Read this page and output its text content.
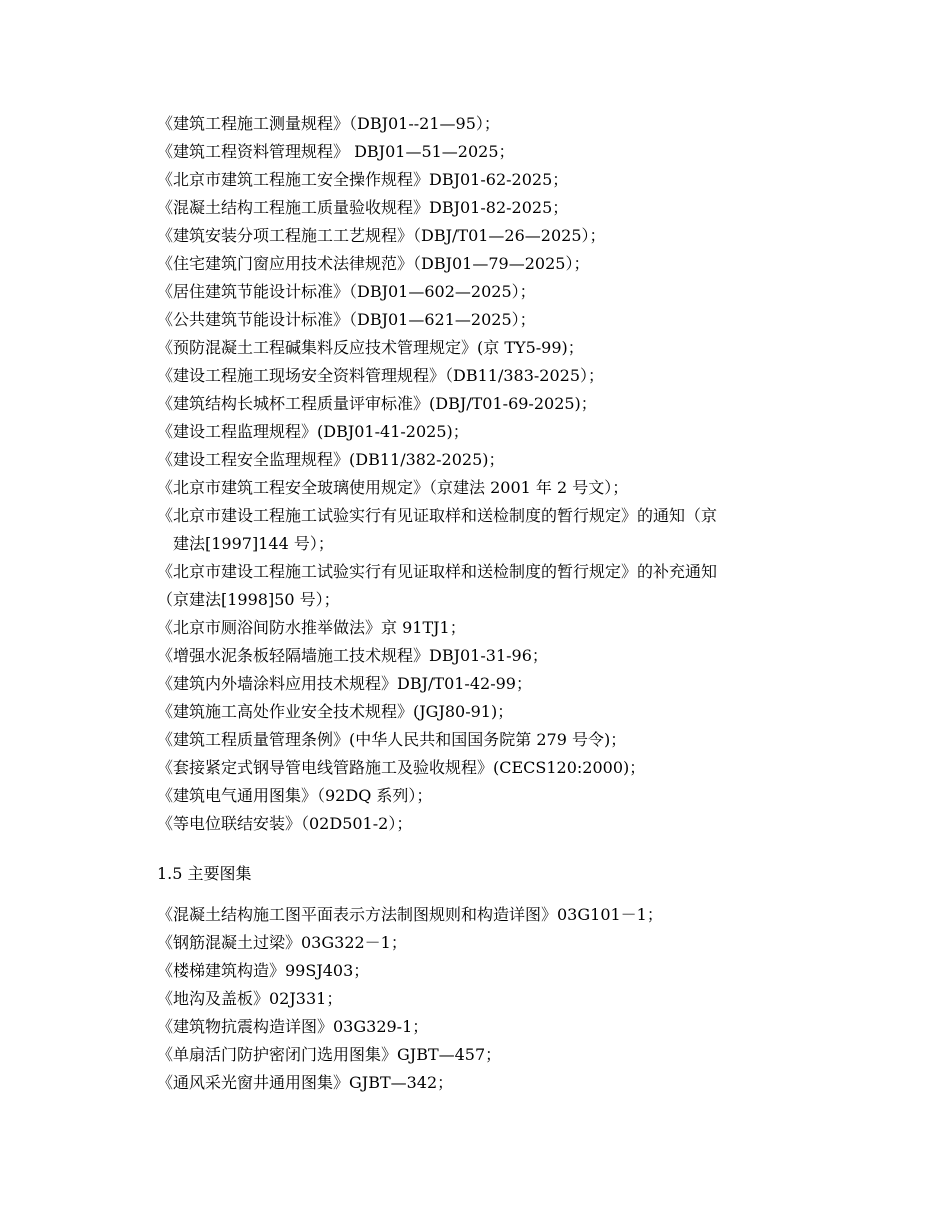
《建筑工程施工测量规程》（DBJ01--21—95）；

《建筑工程资料管理规程》 DBJ01—51—2025；

《北京市建筑工程施工安全操作规程》DBJ01-62-2025；

《混凝土结构工程施工质量验收规程》DBJ01-82-2025；

《建筑安装分项工程施工工艺规程》（DBJ/T01—26—2025）；

《住宅建筑门窗应用技术法律规范》（DBJ01—79—2025）；

《居住建筑节能设计标准》（DBJ01—602—2025）；

《公共建筑节能设计标准》（DBJ01—621—2025）；

《预防混凝土工程碱集料反应技术管理规定》(京 TY5-99)；

《建设工程施工现场安全资料管理规程》（DB11/383-2025）；

《建筑结构长城杯工程质量评审标准》(DBJ/T01-69-2025)；

《建设工程监理规程》(DBJ01-41-2025)；

《建设工程安全监理规程》(DB11/382-2025)；

《北京市建筑工程安全玻璃使用规定》（京建法 2001 年 2 号文）；

《北京市建设工程施工试验实行有见证取样和送检制度的暂行规定》的通知（京

建法[1997]144 号）；

《北京市建设工程施工试验实行有见证取样和送检制度的暂行规定》的补充通知

（京建法[1998]50 号）；

《北京市厕浴间防水推举做法》京 91TJ1；

《增强水泥条板轻隔墙施工技术规程》DBJ01-31-96；

《建筑内外墙涂料应用技术规程》DBJ/T01-42-99；

《建筑施工高处作业安全技术规程》(JGJ80-91)；

《建筑工程质量管理条例》(中华人民共和国国务院第 279 号令)；

《套接紧定式钢导管电线管路施工及验收规程》(CECS120:2000)；

《建筑电气通用图集》（92DQ 系列）；

《等电位联结安装》（02D501-2）；

1.5 主要图集

《混凝土结构施工图平面表示方法制图规则和构造详图》03G101－1；

《钢筋混凝土过梁》03G322－1；

《楼梯建筑构造》99SJ403；

《地沟及盖板》02J331；

《建筑物抗震构造详图》03G329-1；

《单扇活门防护密闭门选用图集》GJBT—457；

《通风采光窗井通用图集》GJBT—342；
